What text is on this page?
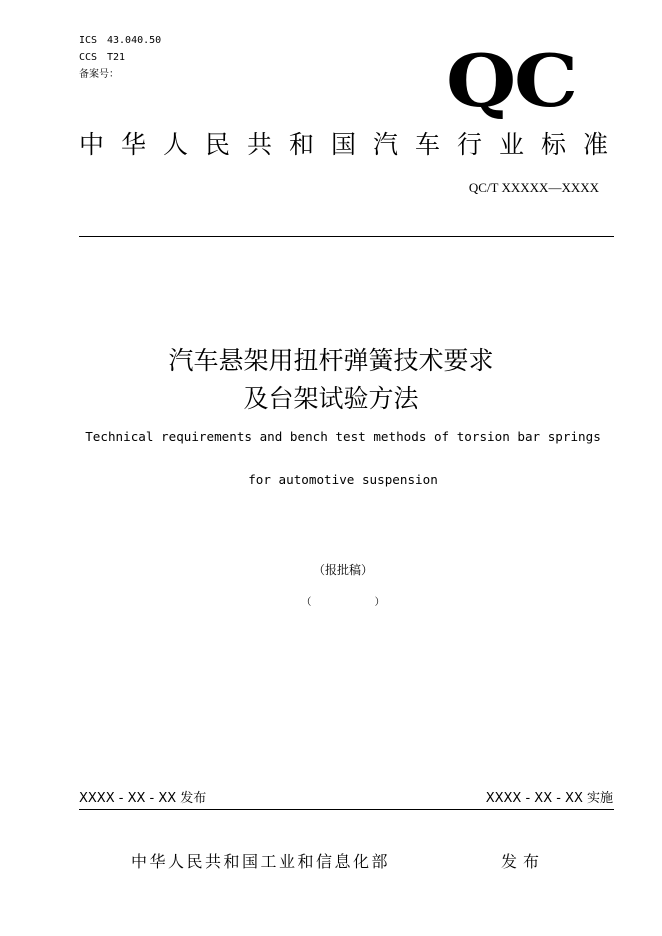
ICS 43.040.50
CCS T21
备案号：	QC
中华人民共和国汽车行业标准
QC/T XXXXX—XXXX
汽车悬架用扭杆弹簧技术要求
及台架试验方法
Technical requirements and bench test methods of torsion bar springs
for automotive suspension
（报批稿）
（ ）
XXXX - XX - XX 发布	XXXX - XX - XX 实施
中华人民共和国工业和信息化部	发布
